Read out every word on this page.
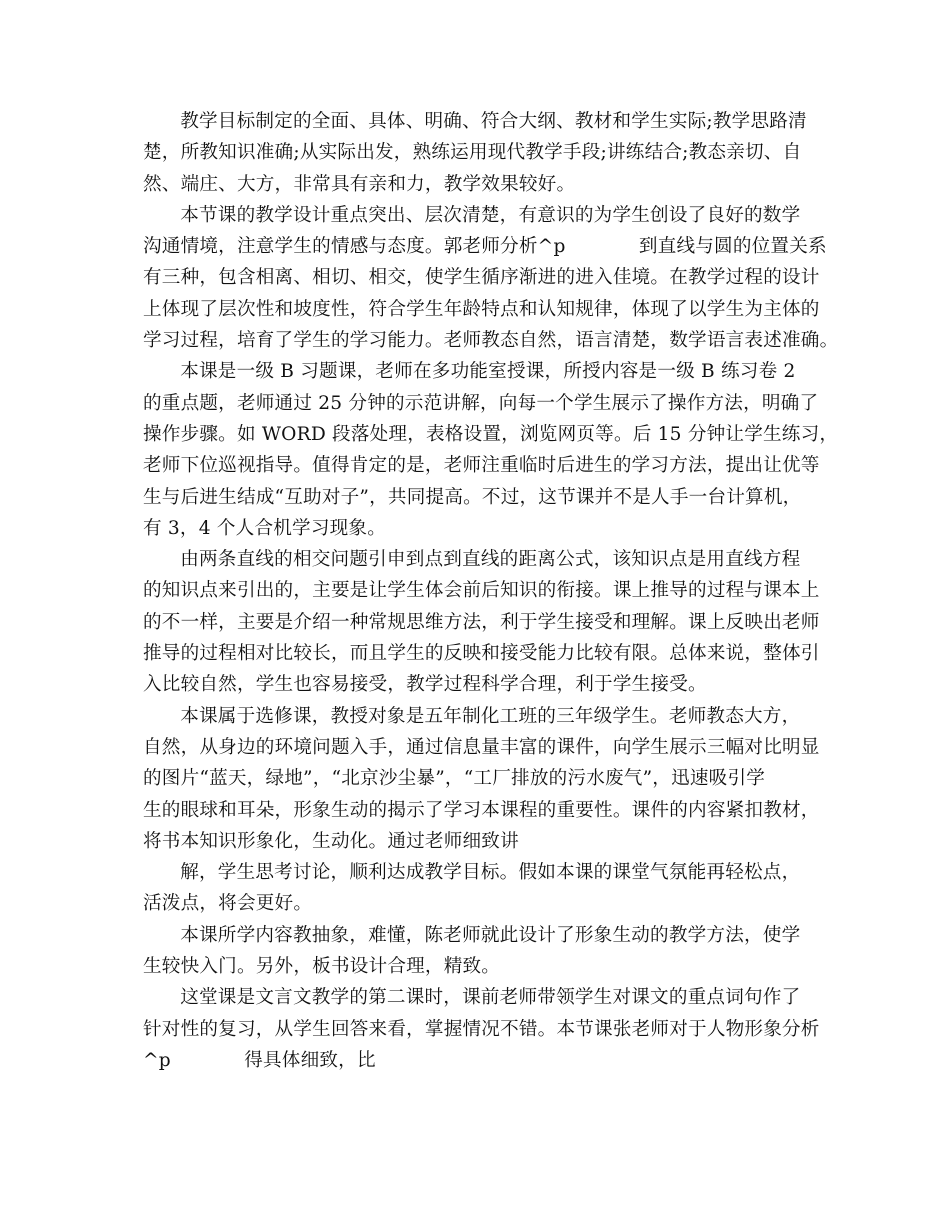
教学目标制定的全面、具体、明确、符合大纲、教材和学生实际;教学思路清
楚，所教知识准确;从实际出发，熟练运用现代教学手段;讲练结合;教态亲切、自
然、端庄、大方，非常具有亲和力，教学效果较好。
本节课的教学设计重点突出、层次清楚，有意识的为学生创设了良好的数学
沟通情境，注意学生的情感与态度。郭老师分析^p            到直线与圆的位置关系
有三种，包含相离、相切、相交，使学生循序渐进的进入佳境。在教学过程的设计
上体现了层次性和坡度性，符合学生年龄特点和认知规律，体现了以学生为主体的
学习过程，培育了学生的学习能力。老师教态自然，语言清楚，数学语言表述准确。
本课是一级 B 习题课，老师在多功能室授课，所授内容是一级 B 练习卷 2
的重点题，老师通过 25 分钟的示范讲解，向每一个学生展示了操作方法，明确了
操作步骤。如 WORD 段落处理，表格设置，浏览网页等。后 15 分钟让学生练习，
老师下位巡视指导。值得肯定的是，老师注重临时后进生的学习方法，提出让优等
生与后进生结成“互助对子”，共同提高。不过，这节课并不是人手一台计算机，
有 3，4 个人合机学习现象。
由两条直线的相交问题引申到点到直线的距离公式，该知识点是用直线方程
的知识点来引出的，主要是让学生体会前后知识的衔接。课上推导的过程与课本上
的不一样，主要是介绍一种常规思维方法，利于学生接受和理解。课上反映出老师
推导的过程相对比较长，而且学生的反映和接受能力比较有限。总体来说，整体引
入比较自然，学生也容易接受，教学过程科学合理，利于学生接受。
本课属于选修课，教授对象是五年制化工班的三年级学生。老师教态大方，
自然，从身边的环境问题入手，通过信息量丰富的课件，向学生展示三幅对比明显
的图片“蓝天，绿地”，“北京沙尘暴”，“工厂排放的污水废气”，迅速吸引学
生的眼球和耳朵，形象生动的揭示了学习本课程的重要性。课件的内容紧扣教材，
将书本知识形象化，生动化。通过老师细致讲
解，学生思考讨论，顺利达成教学目标。假如本课的课堂气氛能再轻松点，
活泼点，将会更好。
本课所学内容教抽象，难懂，陈老师就此设计了形象生动的教学方法，使学
生较快入门。另外，板书设计合理，精致。
这堂课是文言文教学的第二课时，课前老师带领学生对课文的重点词句作了
针对性的复习，从学生回答来看，掌握情况不错。本节课张老师对于人物形象分析
^p            得具体细致，比
